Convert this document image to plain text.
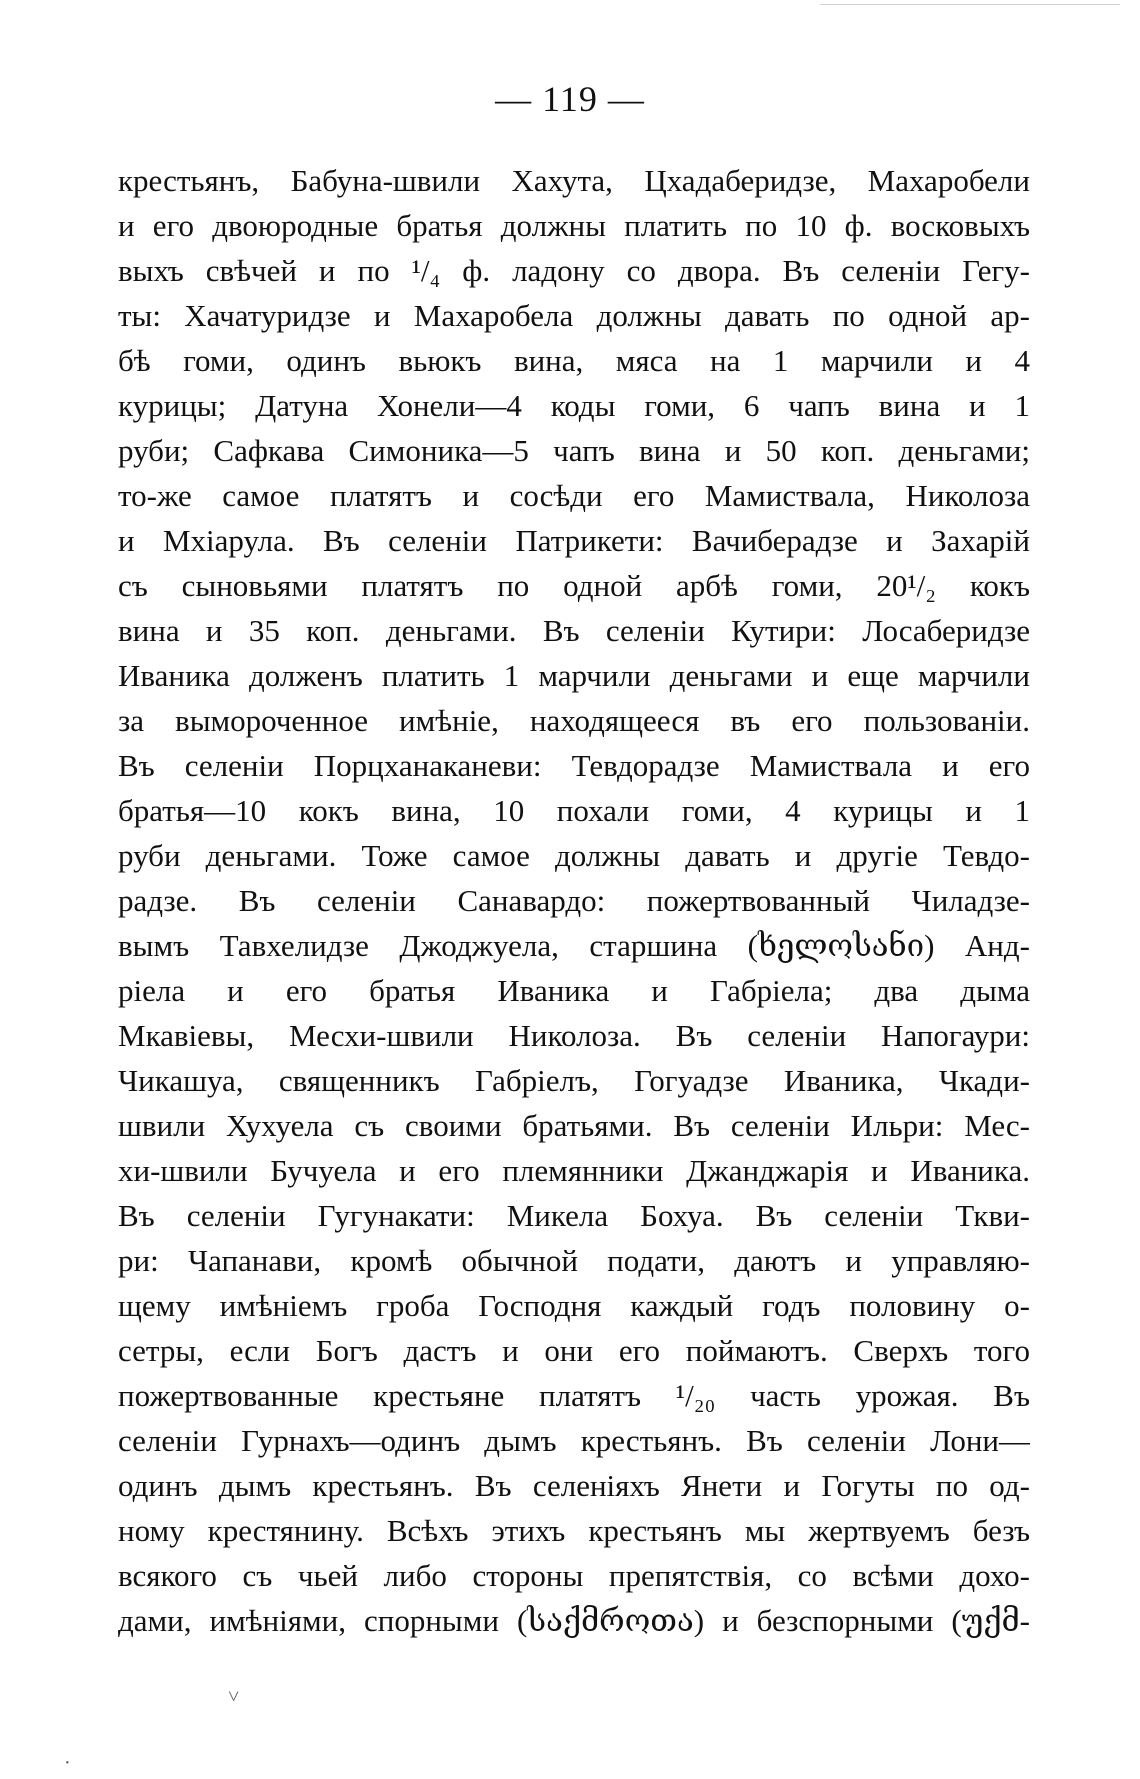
— 119 —
крестьянъ, Бабуна-швили Хахута, Цхадаберидзе, Махаробели
и его двоюродные братья должны платить по 10 ф. восковыхъ
выхъ свѣчей и по ¹/₄ ф. ладону со двора. Въ селеніи Гегу-
ты: Хачатуридзе и Махаробела должны давать по одной ар-
бѣ гоми, одинъ вьюкъ вина, мяса на 1 марчили и 4
курицы; Датуна Хонели—4 коды гоми, 6 чапъ вина и 1
руби; Сафкава Симоника—5 чапъ вина и 50 коп. деньгами;
то-же самое платятъ и сосѣди его Мамиствала, Николоза
и Мхіарула. Въ селеніи Патрикети: Вачиберадзе и Захарій
съ сыновьями платятъ по одной арбѣ гоми, 20¹/₂ кокъ
вина и 35 коп. деньгами. Въ селеніи Кутири: Лосаберидзе
Иваника долженъ платить 1 марчили деньгами и еще марчили
за вымороченное имѣніе, находящееся въ его пользованіи.
Въ селеніи Порцханаканеви: Тевдорадзе Мамиствала и его
братья—10 кокъ вина, 10 похали гоми, 4 курицы и 1
руби деньгами. Тоже самое должны давать и другіе Тевдо-
радзе. Въ селеніи Санавардо: пожертвованный Чиладзе-
вымъ Тавхелидзе Джоджуела, старшина (ხელოსანი) Анд-
ріела и его братья Иваника и Габріела; два дыма
Мкавіевы, Месхи-швили Николоза. Въ селеніи Напогаури:
Чикашуа, священникъ Габріелъ, Гогуадзе Иваника, Чкади-
швили Хухуела съ своими братьями. Въ селеніи Ильри: Мес-
хи-швили Бучуела и его племянники Джанджарія и Иваника.
Въ селеніи Гугунакати: Микела Бохуа. Въ селеніи Ткви-
ри: Чапанави, кромѣ обычной подати, даютъ и управляю-
щему имѣніемъ гроба Господня каждый годъ половину о-
сетры, если Богъ дастъ и они его поймаютъ. Сверхъ того
пожертвованные крестьяне платятъ ¹/₂₀ часть урожая. Въ
селеніи Гурнахъ—одинъ дымъ крестьянъ. Въ селеніи Лони—
одинъ дымъ крестьянъ. Въ селеніяхъ Янети и Гогуты по од-
ному крестянину. Всѣхъ этихъ крестьянъ мы жертвуемъ безъ
всякого съ чьей либо стороны препятствія, со всѣми дохо-
дами, имѣніями, спорными (საქმროთა) и безспорными (უქმ-
˅
·
